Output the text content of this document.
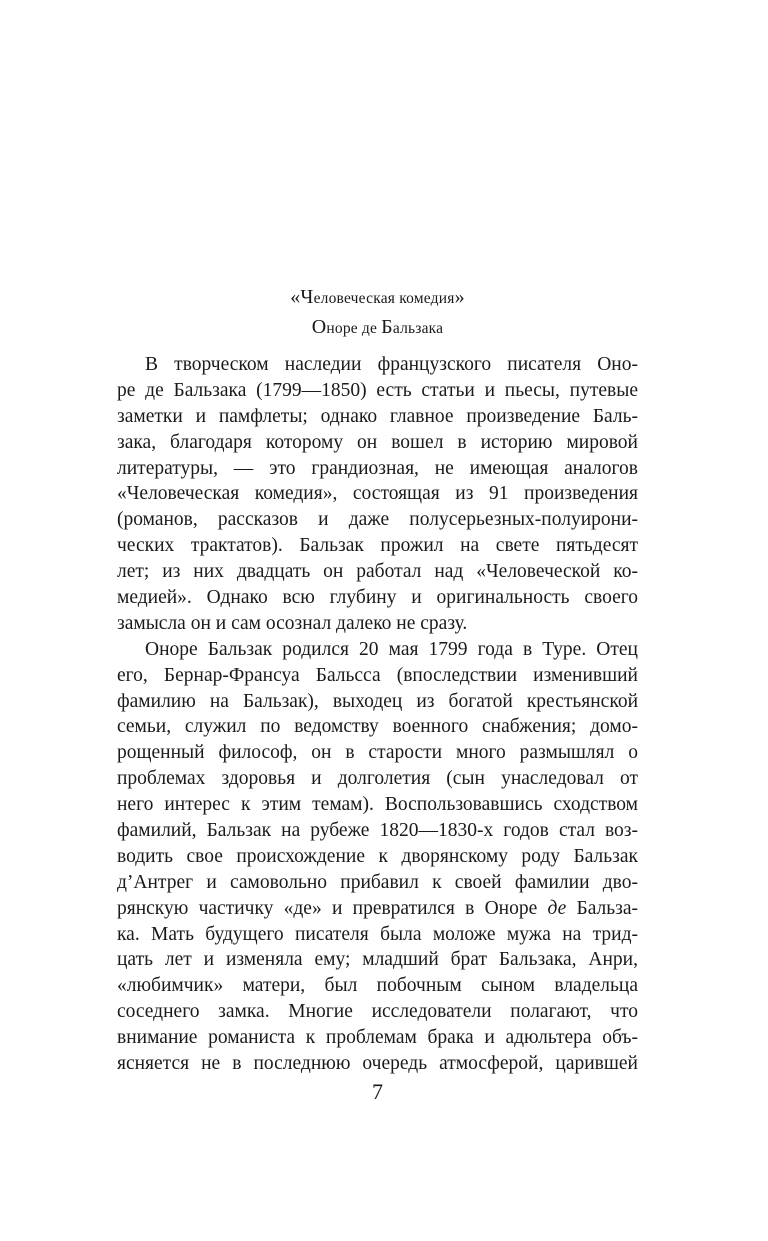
«Человеческая комедия»
Оноре де Бальзака
В творческом наследии французского писателя Оно-
ре де Бальзака (1799—1850) есть статьи и пьесы, путевые
заметки и памфлеты; однако главное произведение Баль-
зака, благодаря которому он вошел в историю мировой
литературы, — это грандиозная, не имеющая аналогов
«Человеческая комедия», состоящая из 91 произведения
(романов, рассказов и даже полусерьезных-полуирони-
ческих трактатов). Бальзак прожил на свете пятьдесят
лет; из них двадцать он работал над «Человеческой ко-
медией». Однако всю глубину и оригинальность своего
замысла он и сам осознал далеко не сразу.
Оноре Бальзак родился 20 мая 1799 года в Туре. Отец
его, Бернар-Франсуа Бальсса (впоследствии изменивший
фамилию на Бальзак), выходец из богатой крестьянской
семьи, служил по ведомству военного снабжения; домо-
рощенный философ, он в старости много размышлял о
проблемах здоровья и долголетия (сын унаследовал от
него интерес к этим темам). Воспользовавшись сходством
фамилий, Бальзак на рубеже 1820—1830-х годов стал воз-
водить свое происхождение к дворянскому роду Бальзак
д’Антрег и самовольно прибавил к своей фамилии дво-
рянскую частичку «де» и превратился в Оноре де Бальза-
ка. Мать будущего писателя была моложе мужа на трид-
цать лет и изменяла ему; младший брат Бальзака, Анри,
«любимчик» матери, был побочным сыном владельца
соседнего замка. Многие исследователи полагают, что
внимание романиста к проблемам брака и адюльтера объ-
ясняется не в последнюю очередь атмосферой, царившей
7
